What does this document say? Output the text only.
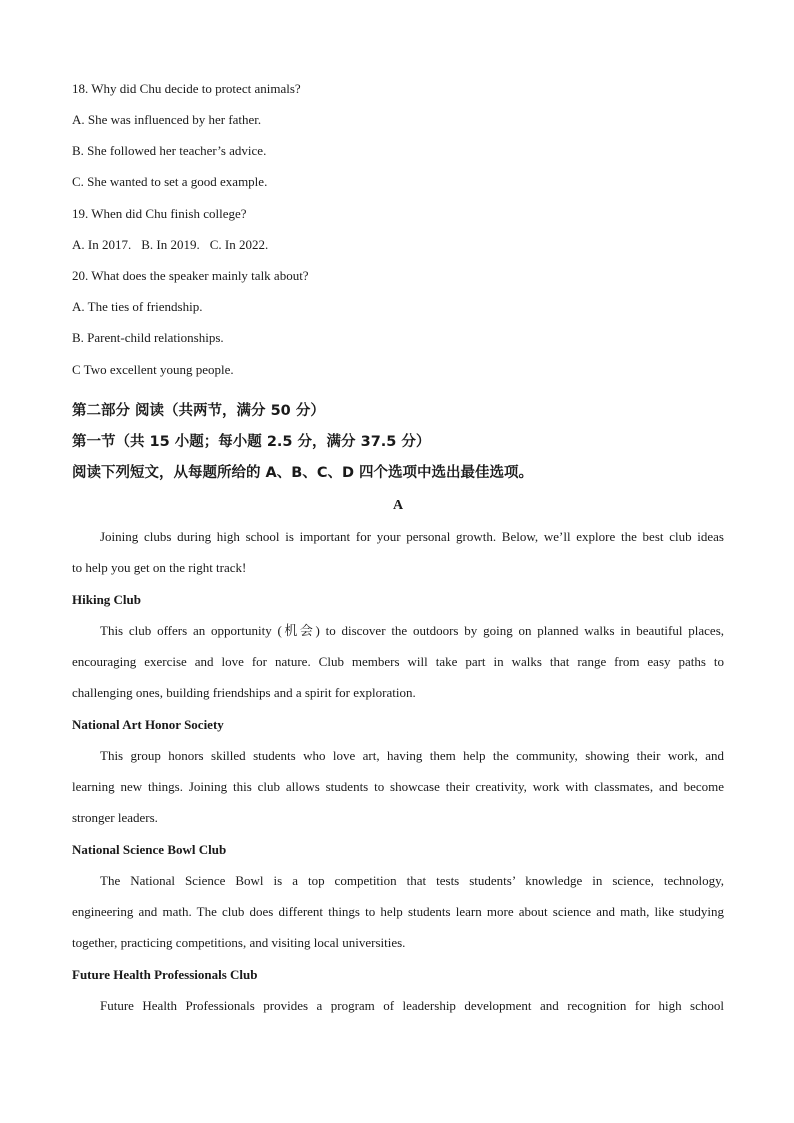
18. Why did Chu decide to protect animals?
A. She was influenced by her father.
B. She followed her teacher’s advice.
C. She wanted to set a good example.
19. When did Chu finish college?
A. In 2017. B. In 2019. C. In 2022.
20. What does the speaker mainly talk about?
A. The ties of friendship.
B. Parent-child relationships.
C Two excellent young people.
第二部分 阅读（共两节，满分 50 分）
第一节（共 15 小题；每小题 2.5 分，满分 37.5 分）
阅读下列短文，从每题所给的 A、B、C、D 四个选项中选出最佳选项。
A
Joining clubs during high school is important for your personal growth. Below, we’ll explore the best club ideas
to help you get on the right track!
Hiking Club
This club offers an opportunity (机会) to discover the outdoors by going on planned walks in beautiful places,
encouraging exercise and love for nature. Club members will take part in walks that range from easy paths to
challenging ones, building friendships and a spirit for exploration.
National Art Honor Society
This group honors skilled students who love art, having them help the community, showing their work, and
learning new things. Joining this club allows students to showcase their creativity, work with classmates, and become
stronger leaders.
National Science Bowl Club
The National Science Bowl is a top competition that tests students’ knowledge in science, technology,
engineering and math. The club does different things to help students learn more about science and math, like studying
together, practicing competitions, and visiting local universities.
Future Health Professionals Club
Future Health Professionals provides a program of leadership development and recognition for high school
